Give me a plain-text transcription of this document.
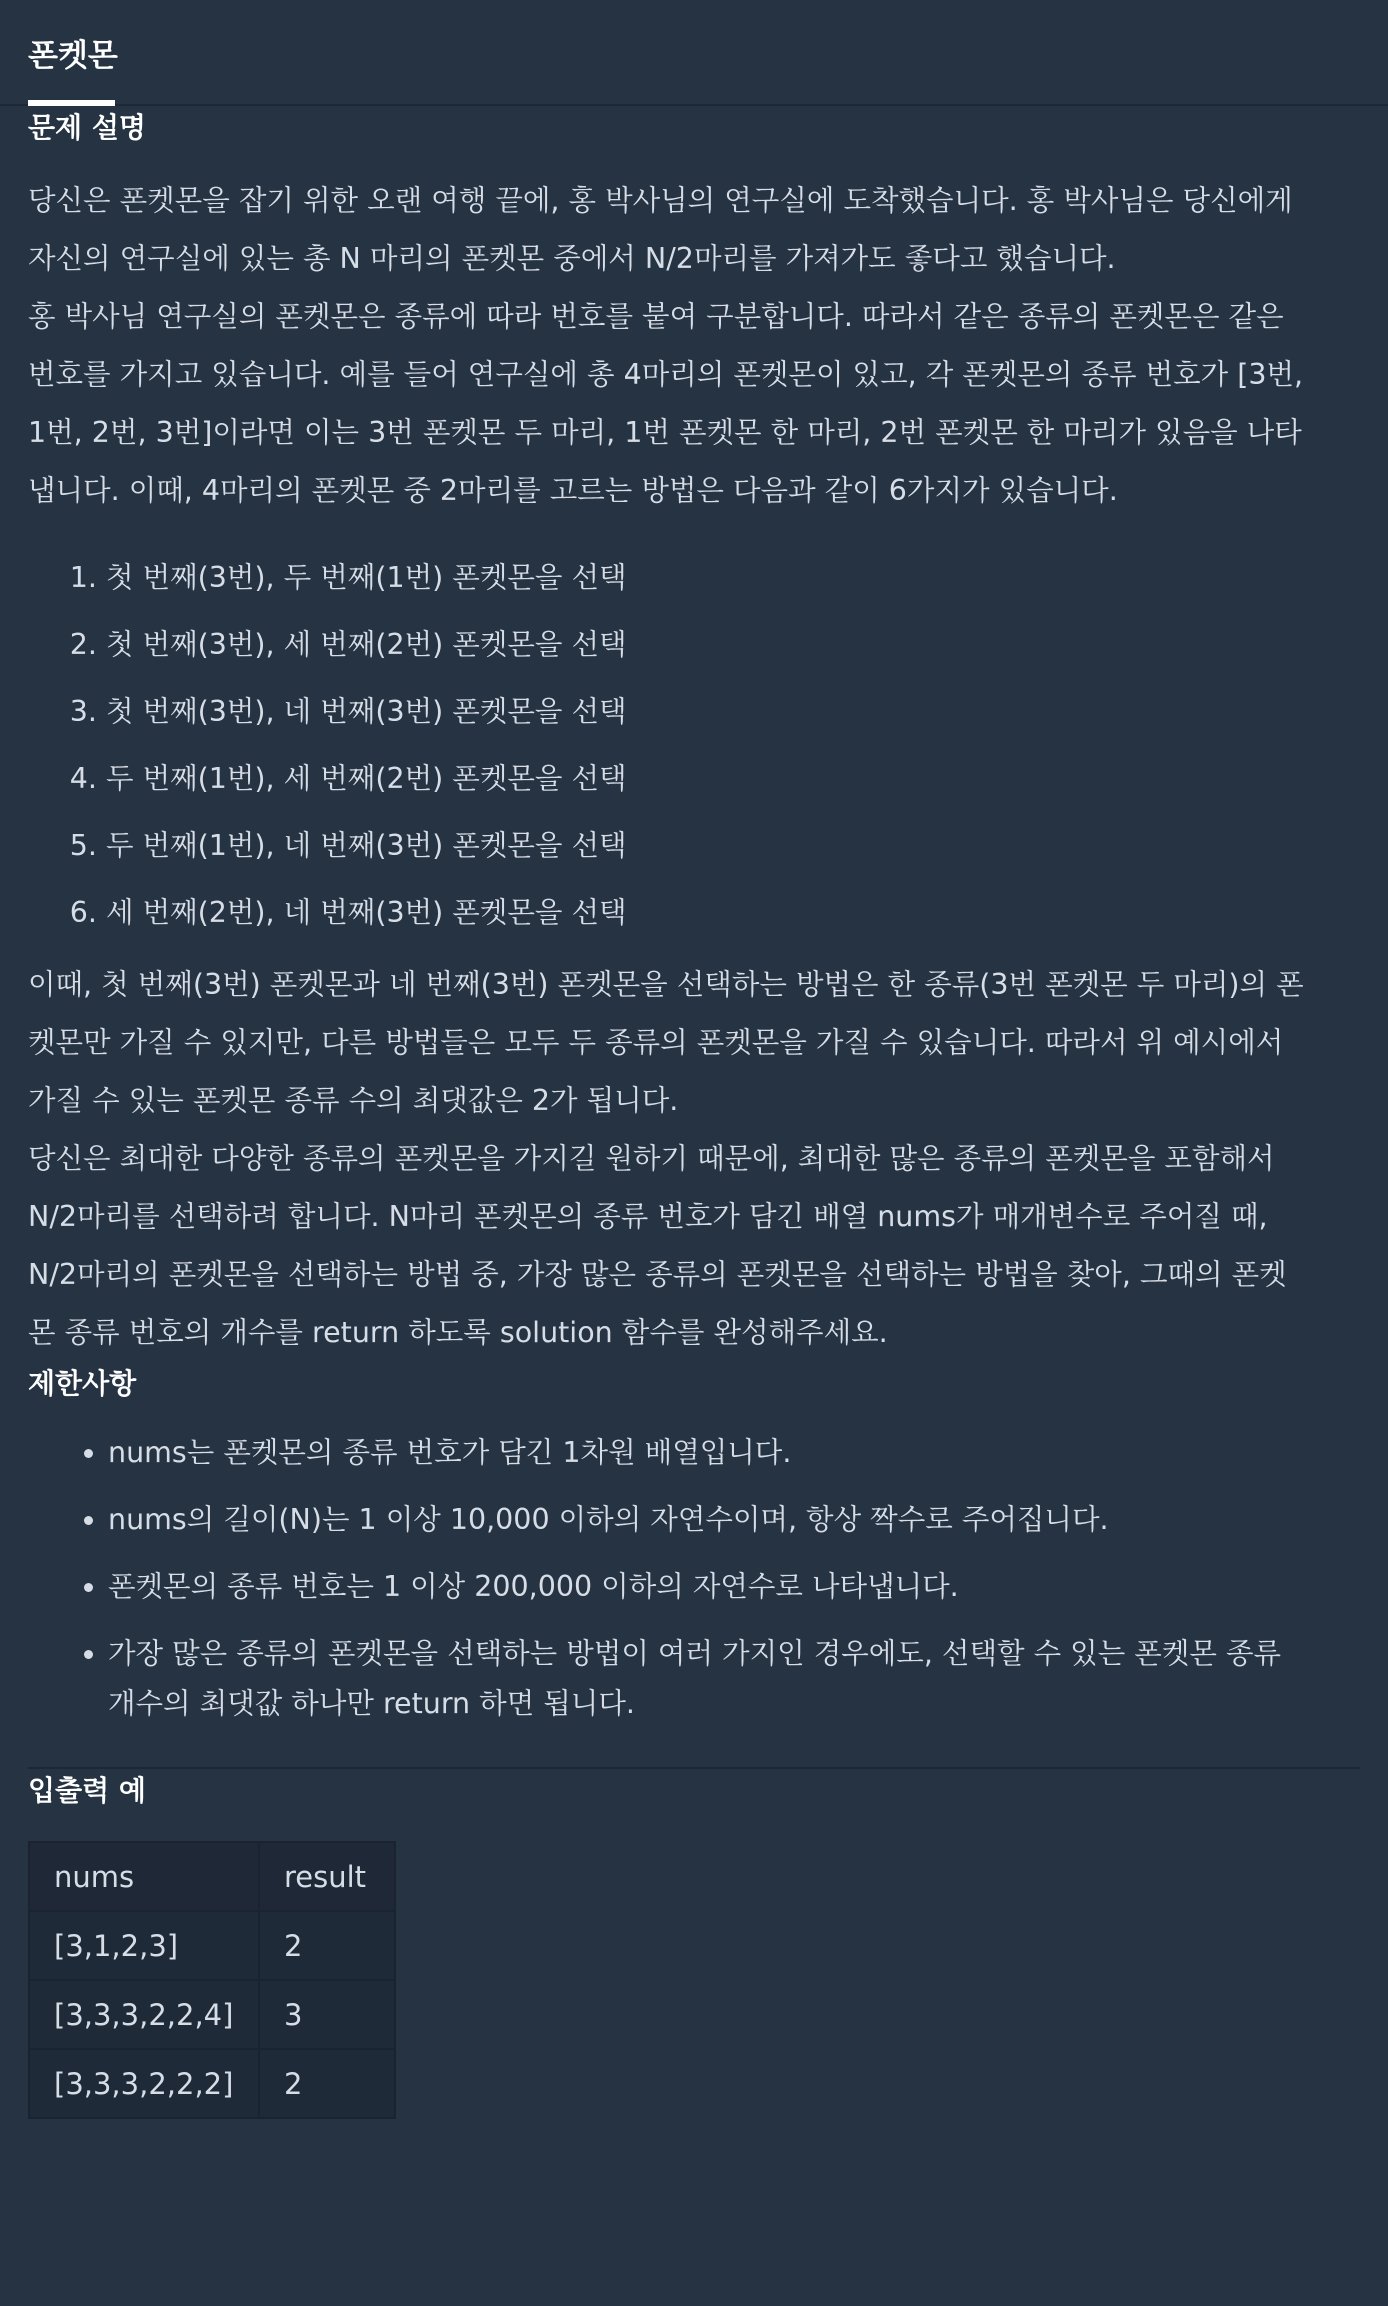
폰켓몬
문제 설명

당신은 폰켓몬을 잡기 위한 오랜 여행 끝에, 홍 박사님의 연구실에 도착했습니다. 홍 박사님은 당신에게

자신의 연구실에 있는 총 N 마리의 폰켓몬 중에서 N/2마리를 가져가도 좋다고 했습니다.

홍 박사님 연구실의 폰켓몬은 종류에 따라 번호를 붙여 구분합니다. 따라서 같은 종류의 폰켓몬은 같은

번호를 가지고 있습니다. 예를 들어 연구실에 총 4마리의 폰켓몬이 있고, 각 폰켓몬의 종류 번호가 [3번,

1번, 2번, 3번]이라면 이는 3번 폰켓몬 두 마리, 1번 폰켓몬 한 마리, 2번 폰켓몬 한 마리가 있음을 나타

냅니다. 이때, 4마리의 폰켓몬 중 2마리를 고르는 방법은 다음과 같이 6가지가 있습니다.

1. 첫 번째(3번), 두 번째(1번) 폰켓몬을 선택
2. 첫 번째(3번), 세 번째(2번) 폰켓몬을 선택
3. 첫 번째(3번), 네 번째(3번) 폰켓몬을 선택
4. 두 번째(1번), 세 번째(2번) 폰켓몬을 선택
5. 두 번째(1번), 네 번째(3번) 폰켓몬을 선택
6. 세 번째(2번), 네 번째(3번) 폰켓몬을 선택

이때, 첫 번째(3번) 폰켓몬과 네 번째(3번) 폰켓몬을 선택하는 방법은 한 종류(3번 폰켓몬 두 마리)의 폰

켓몬만 가질 수 있지만, 다른 방법들은 모두 두 종류의 폰켓몬을 가질 수 있습니다. 따라서 위 예시에서

가질 수 있는 폰켓몬 종류 수의 최댓값은 2가 됩니다.

당신은 최대한 다양한 종류의 폰켓몬을 가지길 원하기 때문에, 최대한 많은 종류의 폰켓몬을 포함해서

N/2마리를 선택하려 합니다. N마리 폰켓몬의 종류 번호가 담긴 배열 nums가 매개변수로 주어질 때,

N/2마리의 폰켓몬을 선택하는 방법 중, 가장 많은 종류의 폰켓몬을 선택하는 방법을 찾아, 그때의 폰켓

몬 종류 번호의 개수를 return 하도록 solution 함수를 완성해주세요.

제한사항
• nums는 폰켓몬의 종류 번호가 담긴 1차원 배열입니다.
• nums의 길이(N)는 1 이상 10,000 이하의 자연수이며, 항상 짝수로 주어집니다.
• 폰켓몬의 종류 번호는 1 이상 200,000 이하의 자연수로 나타냅니다.
• 가장 많은 종류의 폰켓몬을 선택하는 방법이 여러 가지인 경우에도, 선택할 수 있는 폰켓몬 종류
개수의 최댓값 하나만 return 하면 됩니다.
입출력 예
nums	result
[3,1,2,3]	2
[3,3,3,2,2,4]	3
[3,3,3,2,2,2]	2
